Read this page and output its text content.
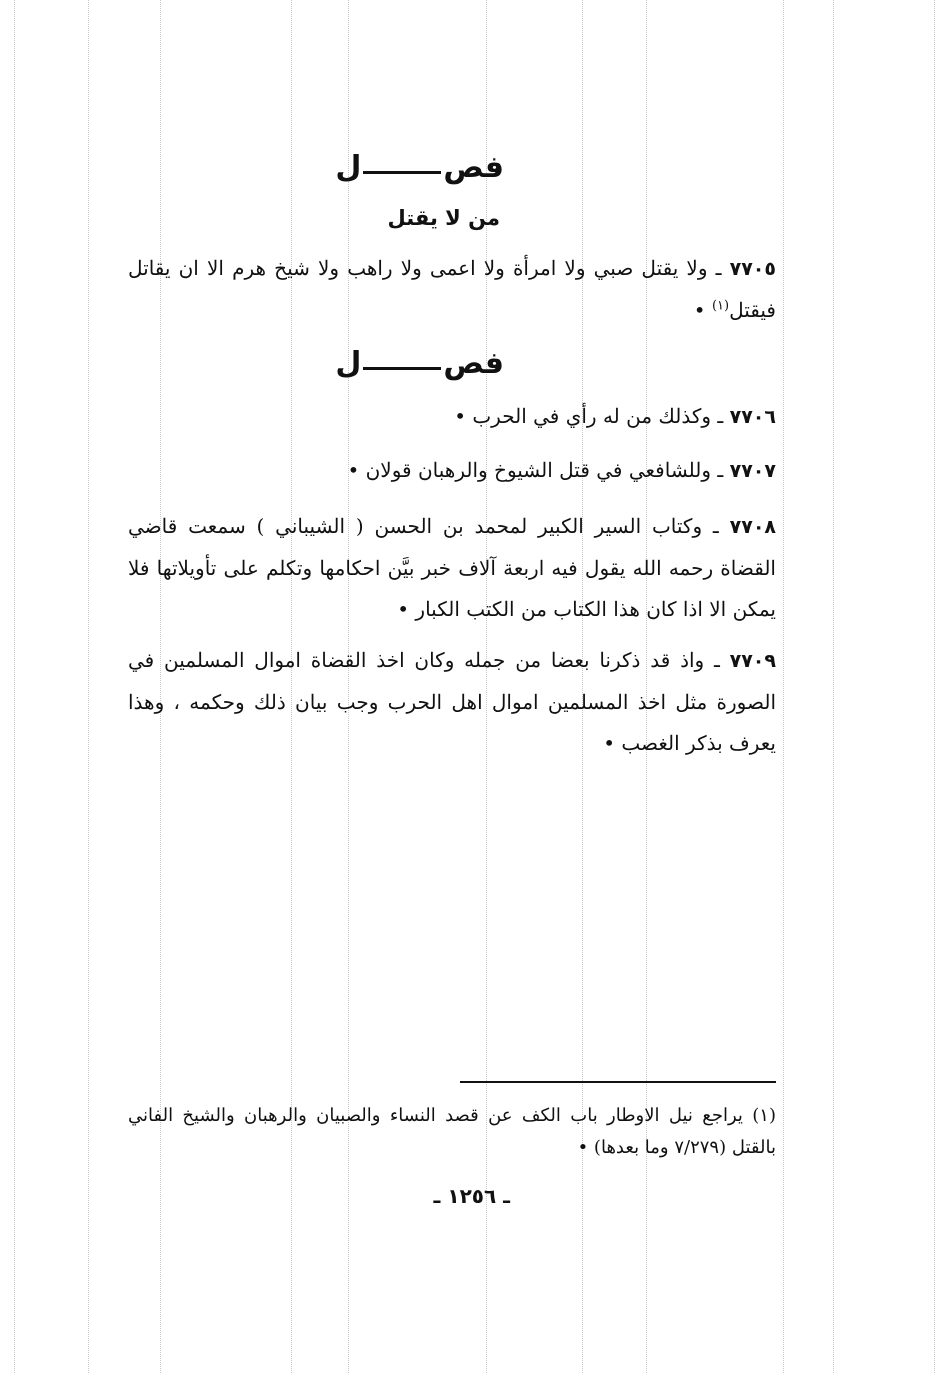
فصل
من لا يقتل
٧٧٠٥ ـ ولا يقتل صبي ولا امرأة ولا اعمى ولا راهب ولا شيخ هرم الا ان يقاتل فيقتل$^{(١)}$ •
فصل
٧٧٠٦ ـ وكذلك من له رأي في الحرب •
٧٧٠٧ ـ وللشافعي في قتل الشيوخ والرهبان قولان •
٧٧٠٨ ـ وكتاب السير الكبير لمحمد بن الحسن ( الشيباني ) سمعت قاضي القضاة رحمه الله يقول فيه اربعة آلاف خبر بيَّن احكامها وتكلم على تأويلاتها فلا يمكن الا اذا كان هذا الكتاب من الكتب الكبار •
٧٧٠٩ ـ واذ قد ذكرنا بعضا من جمله وكان اخذ القضاة اموال المسلمين في الصورة مثل اخذ المسلمين اموال اهل الحرب وجب بيان ذلك وحكمه ، وهذا يعرف بذكر الغصب •
(١) يراجع نيل الاوطار باب الكف عن قصد النساء والصبيان والرهبان والشيخ الفاني بالقتل (٧/٢٧٩ وما بعدها) •
ـ ١٢٥٦ ـ
